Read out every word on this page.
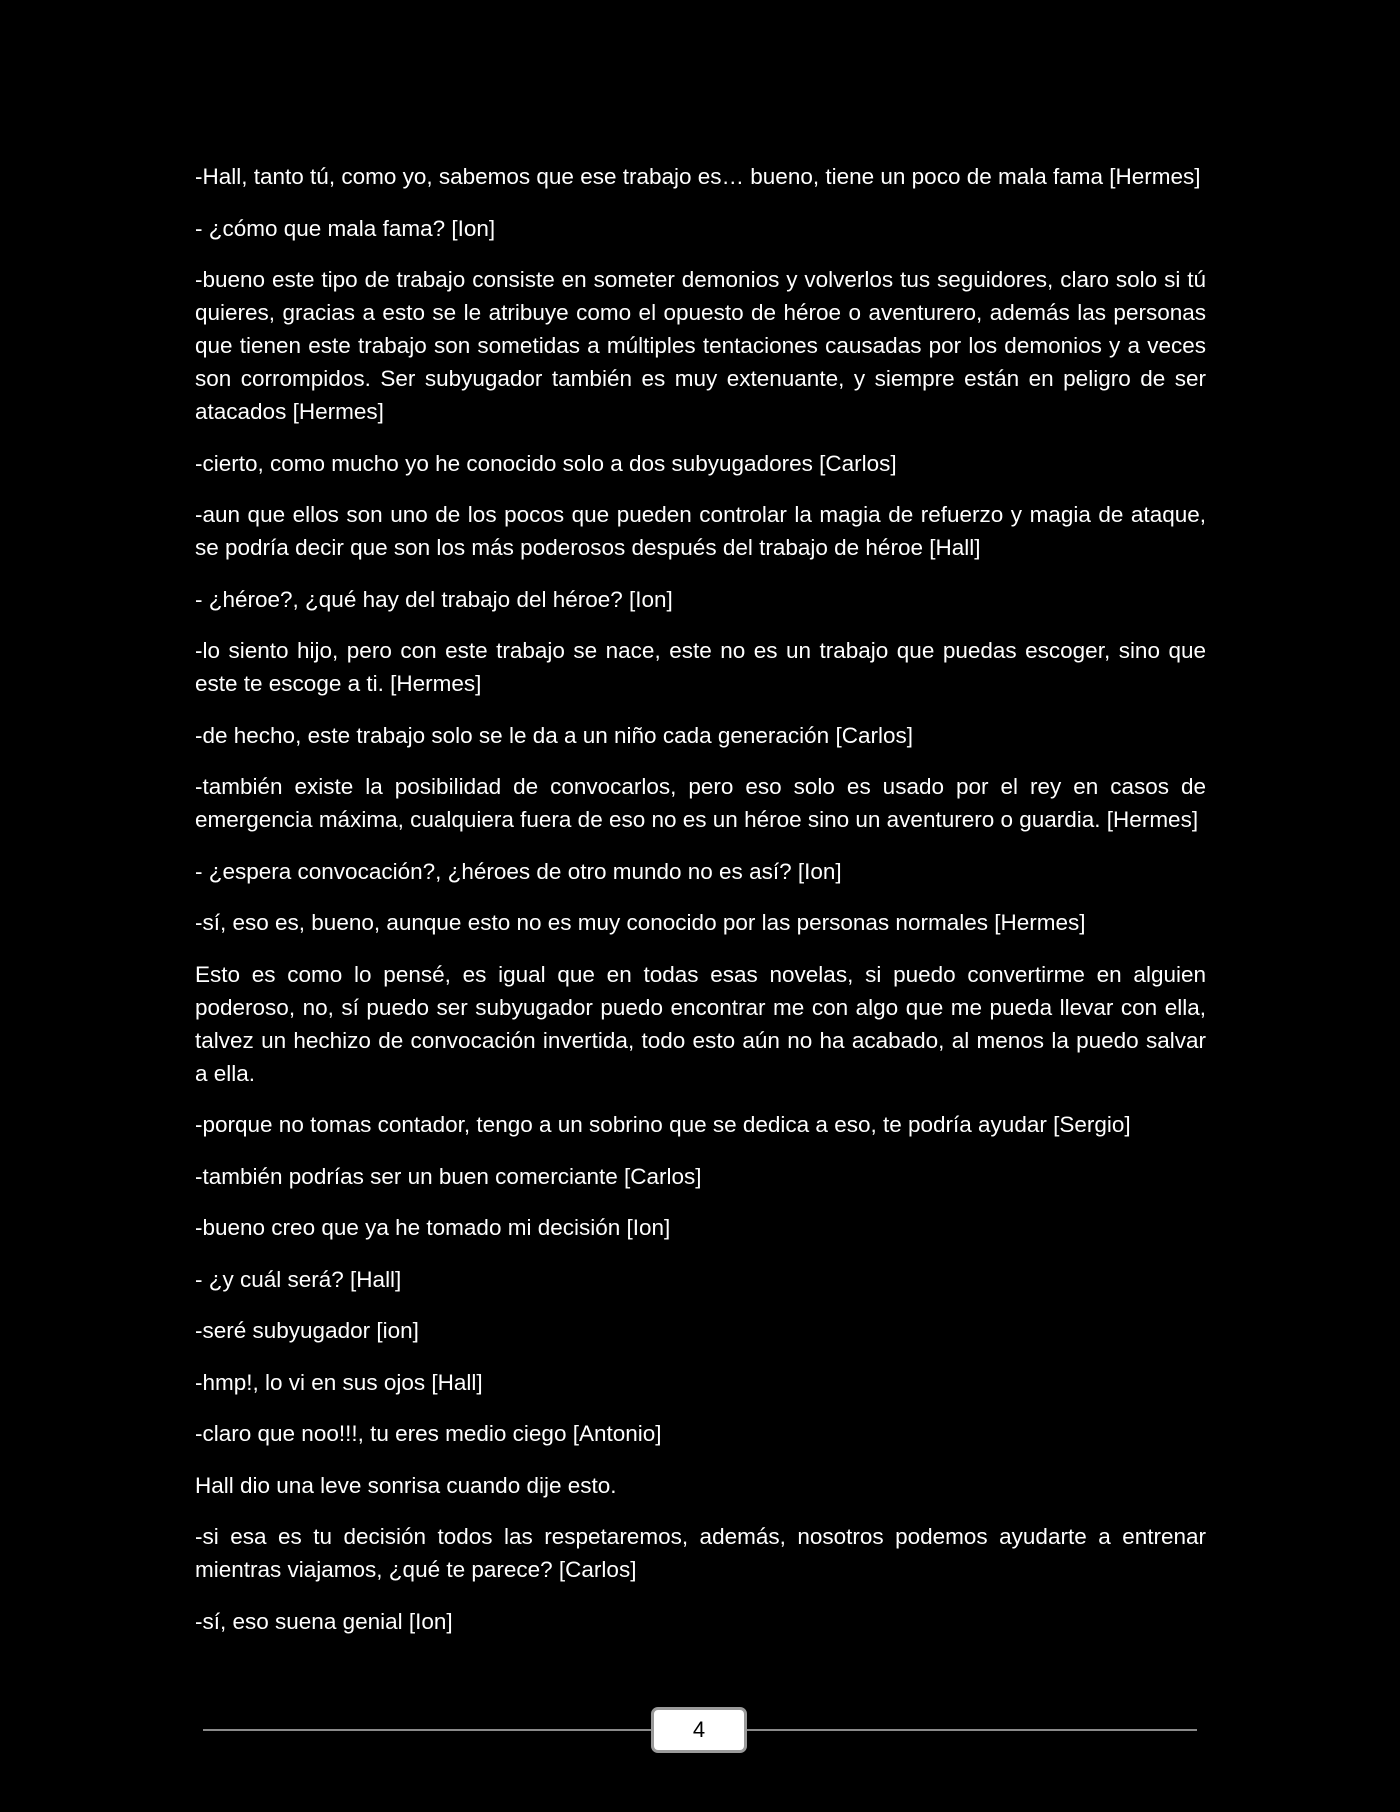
-Hall, tanto tú, como yo, sabemos que ese trabajo es… bueno, tiene un poco de mala fama [Hermes]

- ¿cómo que mala fama? [Ion]

-bueno este tipo de trabajo consiste en someter demonios y volverlos tus seguidores, claro solo si tú quieres, gracias a esto se le atribuye como el opuesto de héroe o aventurero, además las personas que tienen este trabajo son sometidas a múltiples tentaciones causadas por los demonios y a veces son corrompidos. Ser subyugador también es muy extenuante, y siempre están en peligro de ser atacados [Hermes]

-cierto, como mucho yo he conocido solo a dos subyugadores [Carlos]

-aun que ellos son uno de los pocos que pueden controlar la magia de refuerzo y magia de ataque, se podría decir que son los más poderosos después del trabajo de héroe [Hall]

- ¿héroe?, ¿qué hay del trabajo del héroe? [Ion]

-lo siento hijo, pero con este trabajo se nace, este no es un trabajo que puedas escoger, sino que este te escoge a ti. [Hermes]

-de hecho, este trabajo solo se le da a un niño cada generación [Carlos]

-también existe la posibilidad de convocarlos, pero eso solo es usado por el rey en casos de emergencia máxima, cualquiera fuera de eso no es un héroe sino un aventurero o guardia. [Hermes]

- ¿espera convocación?, ¿héroes de otro mundo no es así? [Ion]

-sí, eso es, bueno, aunque esto no es muy conocido por las personas normales [Hermes]

Esto es como lo pensé, es igual que en todas esas novelas, si puedo convertirme en alguien poderoso, no, sí puedo ser subyugador puedo encontrar me con algo que me pueda llevar con ella, talvez un hechizo de convocación invertida, todo esto aún no ha acabado, al menos la puedo salvar a ella.

-porque no tomas contador, tengo a un sobrino que se dedica a eso, te podría ayudar [Sergio]

-también podrías ser un buen comerciante [Carlos]

-bueno creo que ya he tomado mi decisión [Ion]

- ¿y cuál será? [Hall]

-seré subyugador [ion]

-hmp!, lo vi en sus ojos [Hall]

-claro que noo!!!, tu eres medio ciego [Antonio]

Hall dio una leve sonrisa cuando dije esto.

-si esa es tu decisión todos las respetaremos, además, nosotros podemos ayudarte a entrenar mientras viajamos, ¿qué te parece? [Carlos]

-sí, eso suena genial [Ion]

4
